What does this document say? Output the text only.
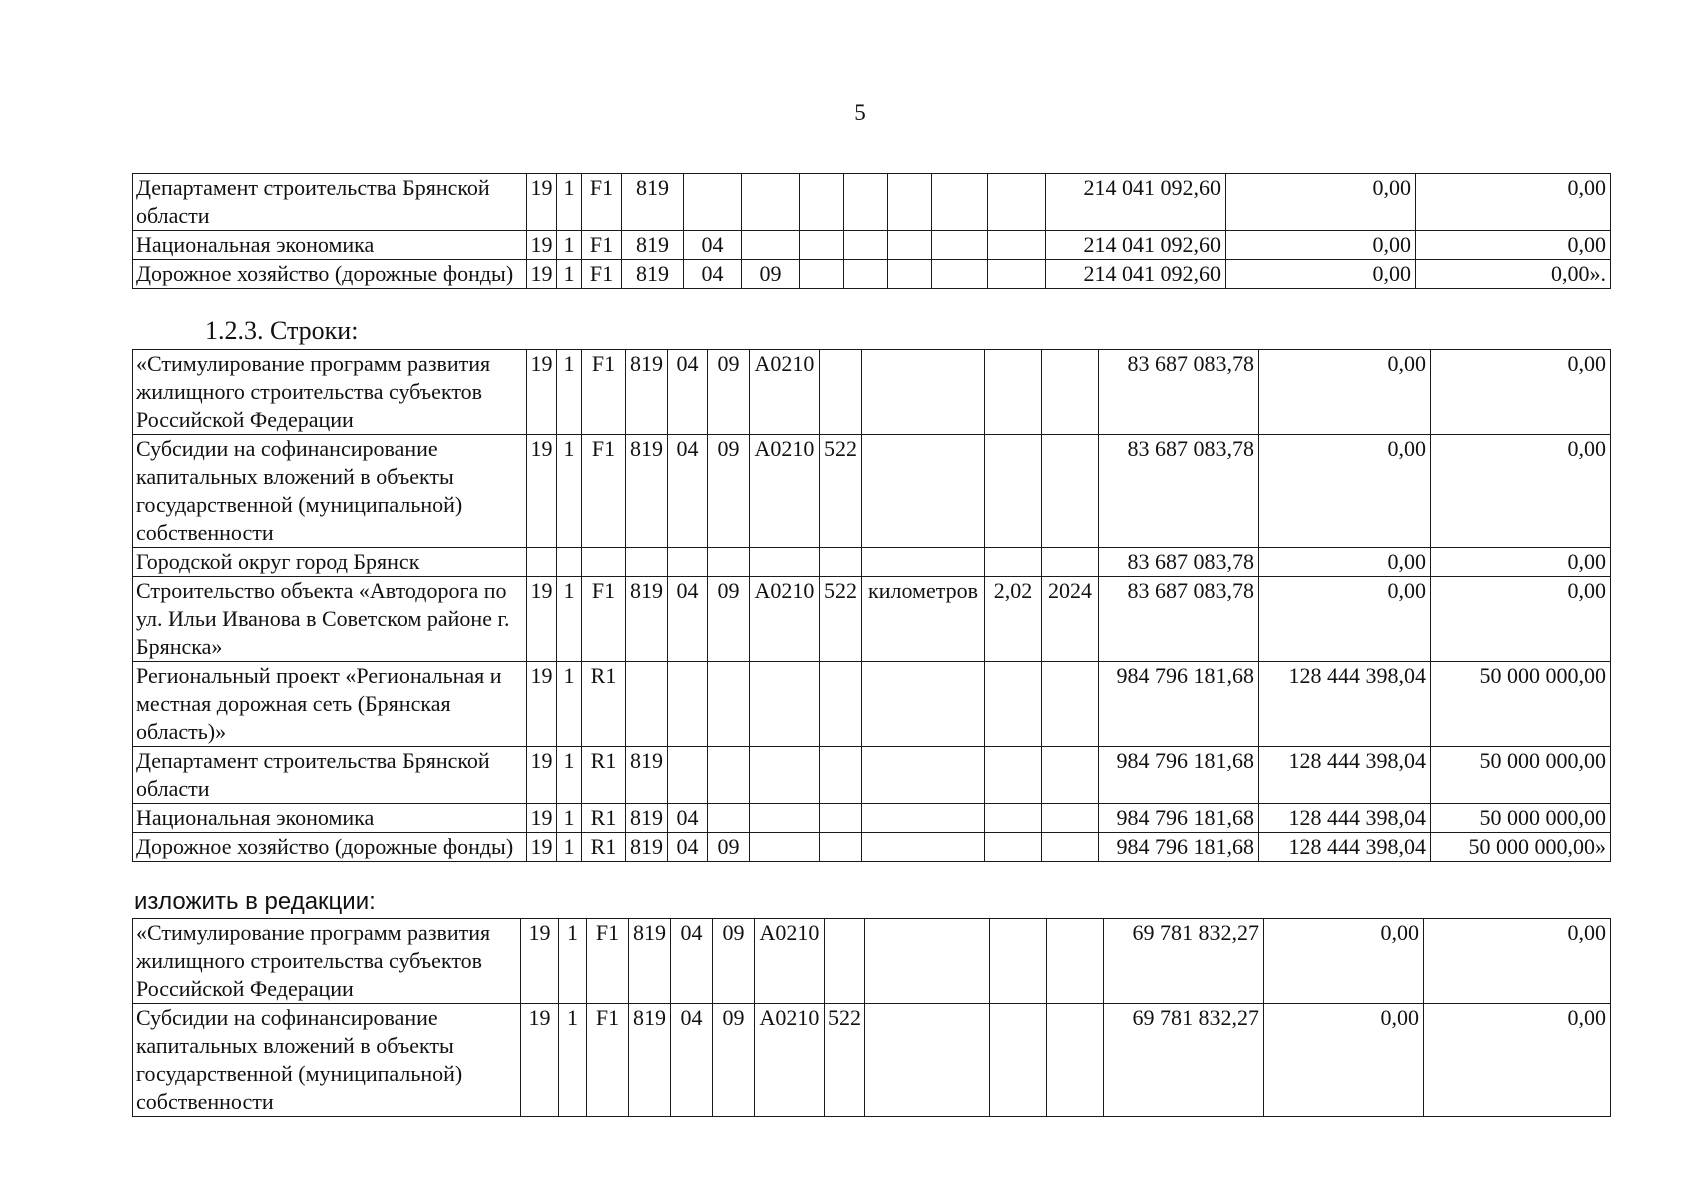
5
Департамент строительства Брянской области	19	1	F1	819								214 041 092,60	0,00	0,00
Национальная экономика	19	1	F1	819	04							214 041 092,60	0,00	0,00
Дорожное хозяйство (дорожные фонды)	19	1	F1	819	04	09						214 041 092,60	0,00	0,00».
1.2.3. Строки:
«Стимулирование программ развития жилищного строительства субъектов Российской Федерации	19	1	F1	819	04	09	A0210					83 687 083,78	0,00	0,00
Субсидии на софинансирование капитальных вложений в объекты государственной (муниципальной) собственности	19	1	F1	819	04	09	A0210	522				83 687 083,78	0,00	0,00
Городской округ город Брянск												83 687 083,78	0,00	0,00
Строительство объекта «Автодорога по ул. Ильи Иванова в Советском районе г. Брянска»	19	1	F1	819	04	09	A0210	522	километров	2,02	2024	83 687 083,78	0,00	0,00
Региональный проект «Региональная и местная дорожная сеть (Брянская область)»	19	1	R1									984 796 181,68	128 444 398,04	50 000 000,00
Департамент строительства Брянской области	19	1	R1	819								984 796 181,68	128 444 398,04	50 000 000,00
Национальная экономика	19	1	R1	819	04							984 796 181,68	128 444 398,04	50 000 000,00
Дорожное хозяйство (дорожные фонды)	19	1	R1	819	04	09						984 796 181,68	128 444 398,04	50 000 000,00»
изложить в редакции:
«Стимулирование программ развития жилищного строительства субъектов Российской Федерации	19	1	F1	819	04	09	A0210					69 781 832,27	0,00	0,00
Субсидии на софинансирование капитальных вложений в объекты государственной (муниципальной) собственности	19	1	F1	819	04	09	A0210	522				69 781 832,27	0,00	0,00
